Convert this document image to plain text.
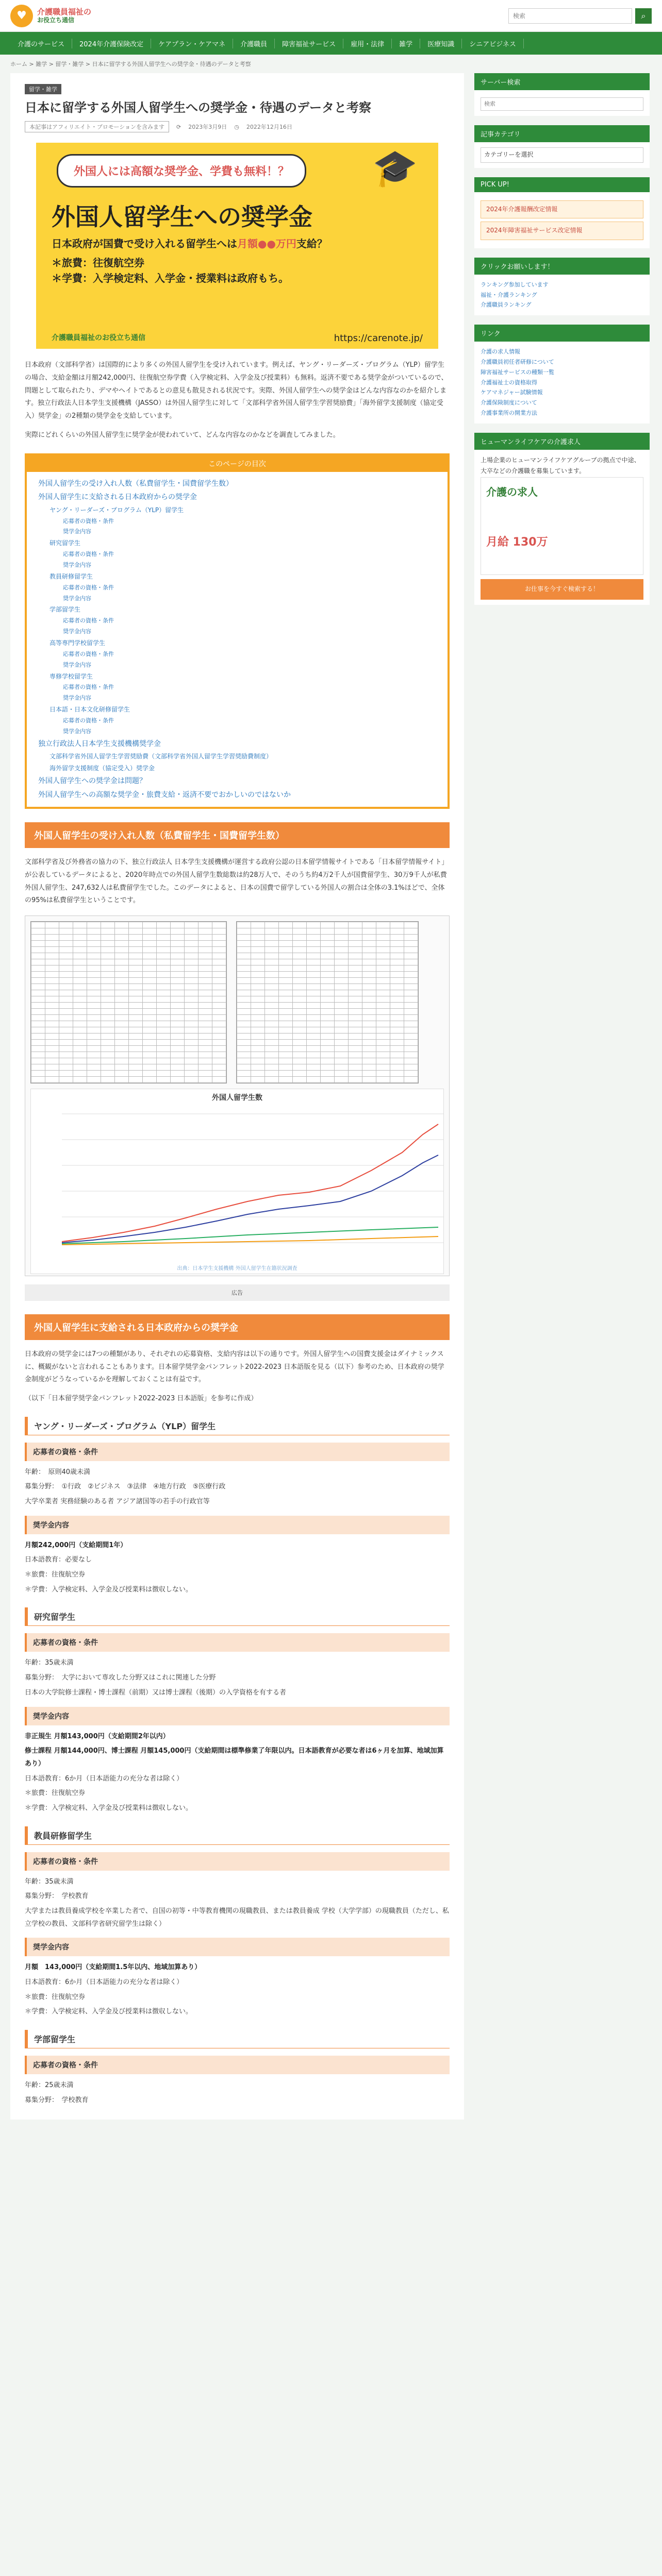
♥	介護職員福祉の
お役立ち通信
検索	⌕
介護のサービス	2024年介護保険改定	ケアプラン・ケアマネ	介護職員	障害福祉サービス	雇用・法律	雑学	医療知識	シニアビジネス
ホーム > 雑学 > 留学・雑学 > 日本に留学する外国人留学生への奨学金・待遇のデータと考察
留学・雑学
日本に留学する外国人留学生への奨学金・待遇のデータと考察
本記事はアフィリエイト・プロモーションを含みます	⟳ 2023年3月9日 ◷ 2022年12月16日
外国人には高額な奨学金、学費も無料！？	🎓
外国人留学生への奨学金
日本政府が国費で受け入れる留学生へは月額●●万円支給？
＊旅費：往復航空券
＊学費：入学検定料、入学金・授業料は政府もち。
介護職員福祉のお役立ち通信	https://carenote.jp/

日本政府（文部科学省）は国際的により多くの外国人留学生を受け入れています。例えば、ヤング・リーダーズ・プログラム（YLP）留学生の場合、支給金額は月額242,000円、往復航空券学費（入学検定料、入学金及び授業料）も無料。返済不要である奨学金がついているので、問題として取られたり、デマやヘイトであるとの意見も散見される状況です。実際、外国人留学生への奨学金はどんな内容なのかを紹介します。独立行政法人日本学生支援機構（JASSO）は外国人留学生に対して「文部科学省外国人留学生学習奨励費」「海外留学支援制度（協定受入）奨学金」の2種類の奨学金を支給しています。

実際にどれくらいの外国人留学生に奨学金が使われていて、どんな内容なのかなどを調査してみました。

このページの目次
外国人留学生の受け入れ人数（私費留学生・国費留学生数）
外国人留学生に支給される日本政府からの奨学金
ヤング・リーダーズ・プログラム（YLP）留学生
応募者の資格・条件
奨学金内容
研究留学生
応募者の資格・条件
奨学金内容
教員研修留学生
応募者の資格・条件
奨学金内容
学部留学生
応募者の資格・条件
奨学金内容
高等専門学校留学生
応募者の資格・条件
奨学金内容
専修学校留学生
応募者の資格・条件
奨学金内容
日本語・日本文化研修留学生
応募者の資格・条件
奨学金内容
独立行政法人日本学生支援機構奨学金
文部科学省外国人留学生学習奨励費（文部科学省外国人留学生学習奨励費制度）
海外留学支援制度（協定受入）奨学金
外国人留学生への奨学金は問題？
外国人留学生への高額な奨学金・旅費支給・返済不要でおかしいのではないか
外国人留学生の受け入れ人数（私費留学生・国費留学生数）

文部科学省及び外務省の協力の下、独立行政法人 日本学生支援機構が運営する政府公認の日本留学情報サイトである「日本留学情報サイト」が公表しているデータによると、2020年時点での外国人留学生数総数は約28万人で、そのうち約4万2千人が国費留学生、30万9千人が私費外国人留学生、247,632人は私費留学生でした。このデータによると、日本の国費で留学している外国人の割合は全体の3.1%ほどで、全体の95%は私費留学生ということです。

外国人留学生数
出典：日本学生支援機構 外国人留学生在籍状況調査
広告
外国人留学生に支給される日本政府からの奨学金

日本政府の奨学金には7つの種類があり、それぞれの応募資格、支給内容は以下の通りです。外国人留学生への国費支援金はダイナミックスに、概観がないと言われることもあります。日本留学奨学金パンフレット2022-2023 日本語版を見る（以下）参考のため、日本政府の奨学金制度がどうなっているかを理解しておくことは有益です。

（以下「日本留学奨学金パンフレット2022-2023 日本語版」を参考に作成）

ヤング・リーダーズ・プログラム（YLP）留学生
応募者の資格・条件
年齢：　原則40歳未満
募集分野：　①行政　②ビジネス　③法律　④地方行政　⑤医療行政
大学卒業者 実務経験のある者 アジア諸国等の若手の行政官等
奨学金内容
月額242,000円（支給期間1年）
日本語教育：必要なし
＊旅費：往復航空券
＊学費：入学検定料、入学金及び授業料は徴収しない。
研究留学生
応募者の資格・条件
年齢：35歳未満
募集分野：　大学において専攻した分野又はこれに関連した分野
日本の大学院修士課程・博士課程（前期）又は博士課程（後期）の入学資格を有する者
奨学金内容
非正規生 月額143,000円（支給期間2年以内）
修士課程 月額144,000円、博士課程 月額145,000円（支給期間は標準修業了年限以内。日本語教育が必要な者は6ヶ月を加算、地域加算あり）
日本語教育：6か月（日本語能力の充分な者は除く）
＊旅費：往復航空券
＊学費：入学検定料、入学金及び授業料は徴収しない。
教員研修留学生
応募者の資格・条件
年齢：35歳未満
募集分野：　学校教育
大学または教員養成学校を卒業した者で、自国の初等・中等教育機関の現職教員、または教員養成 学校（大学学部）の現職教員（ただし、私立学校の教員、文部科学省研究留学生は除く）
奨学金内容
月額　143,000円（支給期間1.5年以内、地域加算あり）
日本語教育：6か月（日本語能力の充分な者は除く）
＊旅費：往復航空券
＊学費：入学検定料、入学金及び授業料は徴収しない。
学部留学生
応募者の資格・条件
年齢：25歳未満
募集分野：　学校教育
サーバー検索
検索
記事カテゴリ
カテゴリーを選択
PICK UP!
2024年介護報酬改定情報
2024年障害福祉サービス改定情報
クリックお願いします！
ランキング参加しています
福祉・介護ランキング
介護職員ランキング
リンク
介護の求人情報
介護職員初任者研修について
障害福祉サービスの種類一覧
介護福祉士の資格取得
ケアマネジャー試験情報
介護保険制度について
介護事業所の開業方法
ヒューマンライフケアの介護求人
上場企業のヒューマンライフケアグループの拠点で中途、大卒などの介護職を募集しています。
介護の求人
月給 130万
お仕事を今すぐ検索する！
